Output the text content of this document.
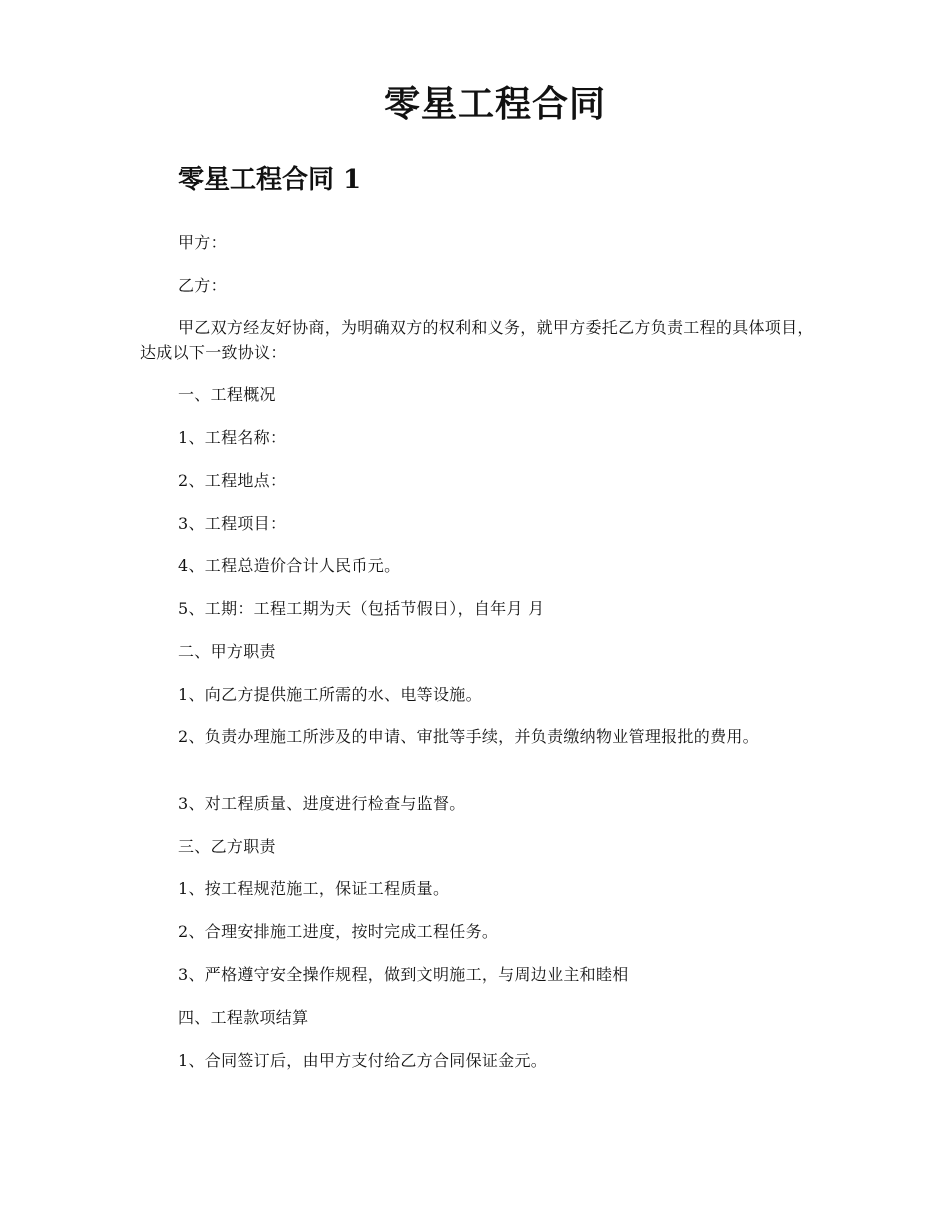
零星工程合同
零星工程合同 1

甲方：

乙方：

甲乙双方经友好协商，为明确双方的权利和义务，就甲方委托乙方负责工程的具体项目，达成以下一致协议：

一、工程概况

1、工程名称：

2、工程地点：

3、工程项目：

4、工程总造价合计人民币元。

5、工期：工程工期为天（包括节假日），自年月 月

二、甲方职责

1、向乙方提供施工所需的水、电等设施。

2、负责办理施工所涉及的申请、审批等手续，并负责缴纳物业管理报批的费用。

3、对工程质量、进度进行检查与监督。

三、乙方职责

1、按工程规范施工，保证工程质量。

2、合理安排施工进度，按时完成工程任务。

3、严格遵守安全操作规程，做到文明施工，与周边业主和睦相

四、工程款项结算

1、合同签订后，由甲方支付给乙方合同保证金元。
